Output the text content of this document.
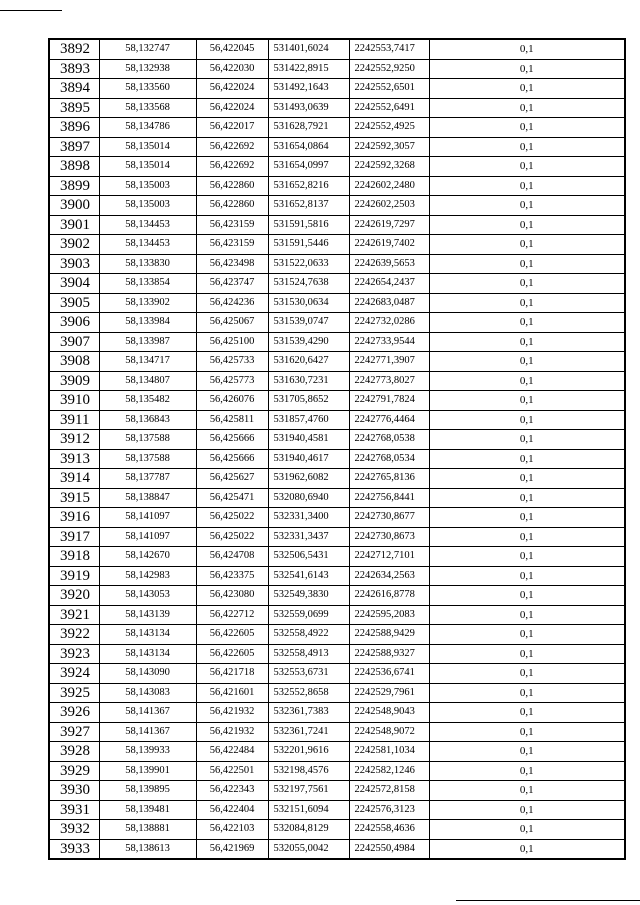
3892	58,132747	56,422045	531401,6024	2242553,7417	0,1
3893	58,132938	56,422030	531422,8915	2242552,9250	0,1
3894	58,133560	56,422024	531492,1643	2242552,6501	0,1
3895	58,133568	56,422024	531493,0639	2242552,6491	0,1
3896	58,134786	56,422017	531628,7921	2242552,4925	0,1
3897	58,135014	56,422692	531654,0864	2242592,3057	0,1
3898	58,135014	56,422692	531654,0997	2242592,3268	0,1
3899	58,135003	56,422860	531652,8216	2242602,2480	0,1
3900	58,135003	56,422860	531652,8137	2242602,2503	0,1
3901	58,134453	56,423159	531591,5816	2242619,7297	0,1
3902	58,134453	56,423159	531591,5446	2242619,7402	0,1
3903	58,133830	56,423498	531522,0633	2242639,5653	0,1
3904	58,133854	56,423747	531524,7638	2242654,2437	0,1
3905	58,133902	56,424236	531530,0634	2242683,0487	0,1
3906	58,133984	56,425067	531539,0747	2242732,0286	0,1
3907	58,133987	56,425100	531539,4290	2242733,9544	0,1
3908	58,134717	56,425733	531620,6427	2242771,3907	0,1
3909	58,134807	56,425773	531630,7231	2242773,8027	0,1
3910	58,135482	56,426076	531705,8652	2242791,7824	0,1
3911	58,136843	56,425811	531857,4760	2242776,4464	0,1
3912	58,137588	56,425666	531940,4581	2242768,0538	0,1
3913	58,137588	56,425666	531940,4617	2242768,0534	0,1
3914	58,137787	56,425627	531962,6082	2242765,8136	0,1
3915	58,138847	56,425471	532080,6940	2242756,8441	0,1
3916	58,141097	56,425022	532331,3400	2242730,8677	0,1
3917	58,141097	56,425022	532331,3437	2242730,8673	0,1
3918	58,142670	56,424708	532506,5431	2242712,7101	0,1
3919	58,142983	56,423375	532541,6143	2242634,2563	0,1
3920	58,143053	56,423080	532549,3830	2242616,8778	0,1
3921	58,143139	56,422712	532559,0699	2242595,2083	0,1
3922	58,143134	56,422605	532558,4922	2242588,9429	0,1
3923	58,143134	56,422605	532558,4913	2242588,9327	0,1
3924	58,143090	56,421718	532553,6731	2242536,6741	0,1
3925	58,143083	56,421601	532552,8658	2242529,7961	0,1
3926	58,141367	56,421932	532361,7383	2242548,9043	0,1
3927	58,141367	56,421932	532361,7241	2242548,9072	0,1
3928	58,139933	56,422484	532201,9616	2242581,1034	0,1
3929	58,139901	56,422501	532198,4576	2242582,1246	0,1
3930	58,139895	56,422343	532197,7561	2242572,8158	0,1
3931	58,139481	56,422404	532151,6094	2242576,3123	0,1
3932	58,138881	56,422103	532084,8129	2242558,4636	0,1
3933	58,138613	56,421969	532055,0042	2242550,4984	0,1
